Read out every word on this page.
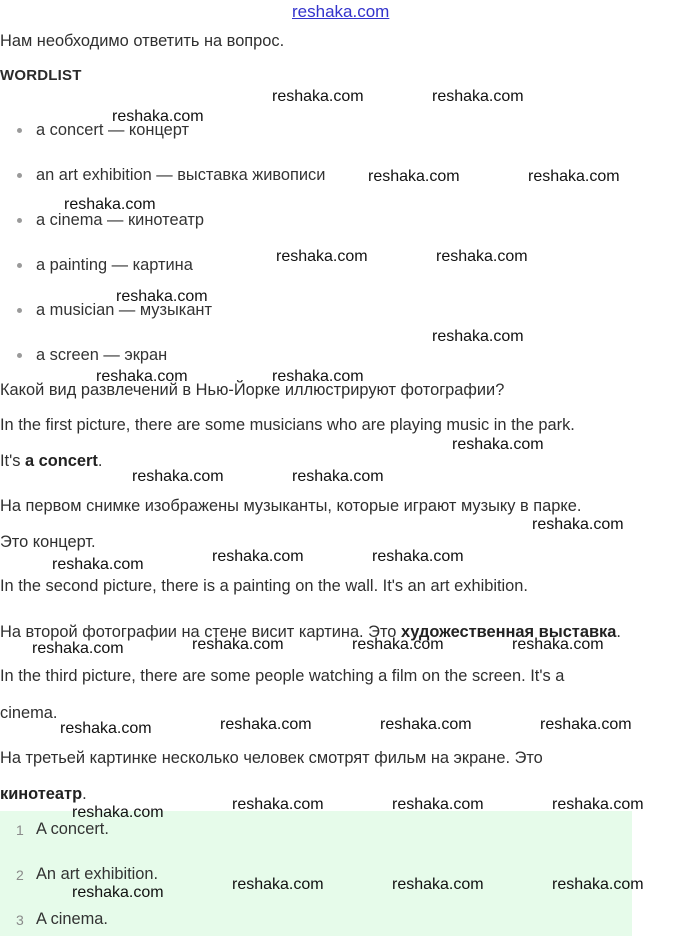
reshaka.com
Нам необходимо ответить на вопрос.
WORDLIST
a concert — концерт
an art exhibition — выставка живописи
a cinema — кинотеатр
a painting — картина
a musician — музыкант
a screen — экран
Какой вид развлечений в Нью-Йорке иллюстрируют фотографии?
In the first picture, there are some musicians who are playing music in the park.
It's a concert.
На первом снимке изображены музыканты, которые играют музыку в парке.
Это концерт.
In the second picture, there is a painting on the wall. It's an art exhibition.
На второй фотографии на стене висит картина. Это художественная выставка.
In the third picture, there are some people watching a film on the screen. It's a
cinema.
На третьей картинке несколько человек смотрят фильм на экране. Это
кинотеатр.
1 A concert.
2 An art exhibition.
3 A cinema.
reshaka.com
reshaka.com	reshaka.com
reshaka.com	reshaka.com
reshaka.com
reshaka.com	reshaka.com
reshaka.com
reshaka.com
reshaka.com	reshaka.com
reshaka.com
reshaka.com	reshaka.com
reshaka.com
reshaka.com	reshaka.com	reshaka.com
reshaka.com	reshaka.com	reshaka.com	reshaka.com
reshaka.com	reshaka.com	reshaka.com	reshaka.com
reshaka.com	reshaka.com	reshaka.com	reshaka.com
reshaka.com	reshaka.com	reshaka.com	reshaka.com
